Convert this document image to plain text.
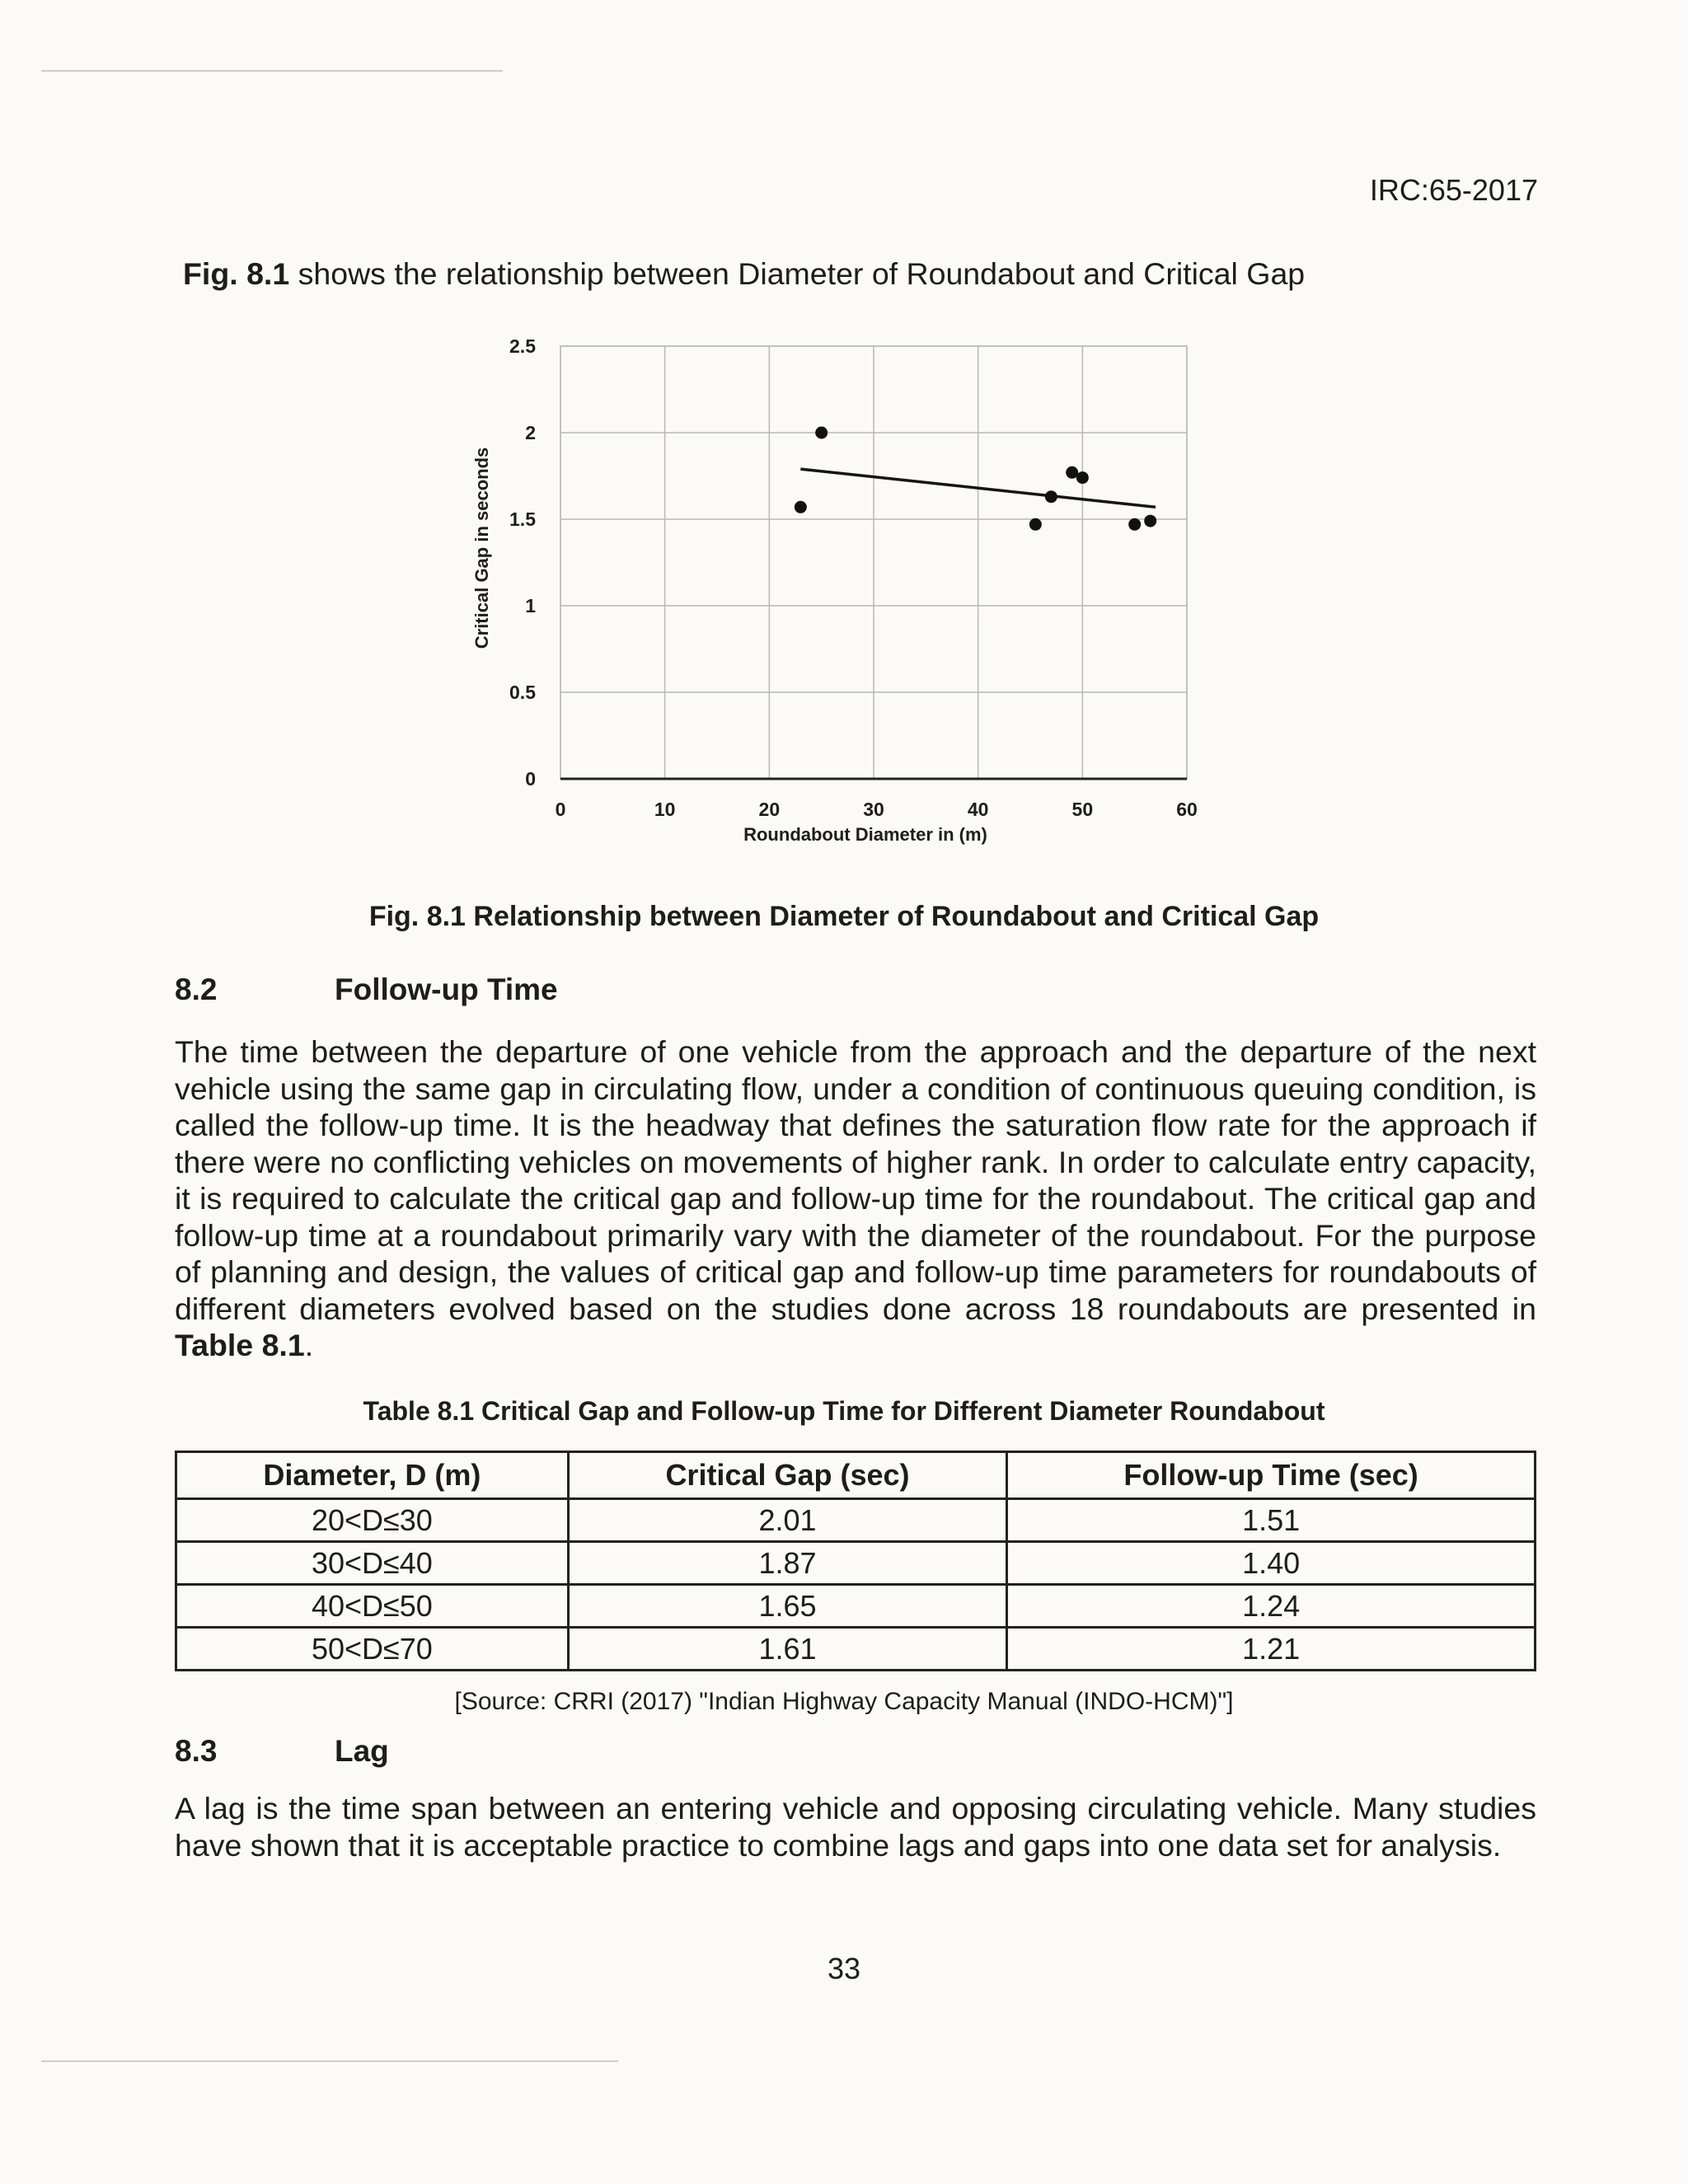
IRC:65-2017

Fig. 8.1 shows the relationship between Diameter of Roundabout and Critical Gap

0
0.5
1
1.5
2
2.5
0	10	20	30	40	50	60
Roundabout Diameter in (m)
Critical Gap in seconds

Fig. 8.1 Relationship between Diameter of Roundabout and Critical Gap

8.2	Follow-up Time

The time between the departure of one vehicle from the approach and the departure of the next vehicle using the same gap in circulating flow, under a condition of continuous queuing condition, is called the follow-up time. It is the headway that defines the saturation flow rate for the approach if there were no conflicting vehicles on movements of higher rank. In order to calculate entry capacity, it is required to calculate the critical gap and follow-up time for the roundabout. The critical gap and follow-up time at a roundabout primarily vary with the diameter of the roundabout. For the purpose of planning and design, the values of critical gap and follow-up time parameters for roundabouts of different diameters evolved based on the studies done across 18 roundabouts are presented in Table 8.1.

Table 8.1 Critical Gap and Follow-up Time for Different Diameter Roundabout

Diameter, D (m)	Critical Gap (sec)	Follow-up Time (sec)
20<D≤30	2.01	1.51
30<D≤40	1.87	1.40
40<D≤50	1.65	1.24
50<D≤70	1.61	1.21

[Source: CRRI (2017) "Indian Highway Capacity Manual (INDO-HCM)"]

8.3	Lag

A lag is the time span between an entering vehicle and opposing circulating vehicle. Many studies have shown that it is acceptable practice to combine lags and gaps into one data set for analysis.

33
